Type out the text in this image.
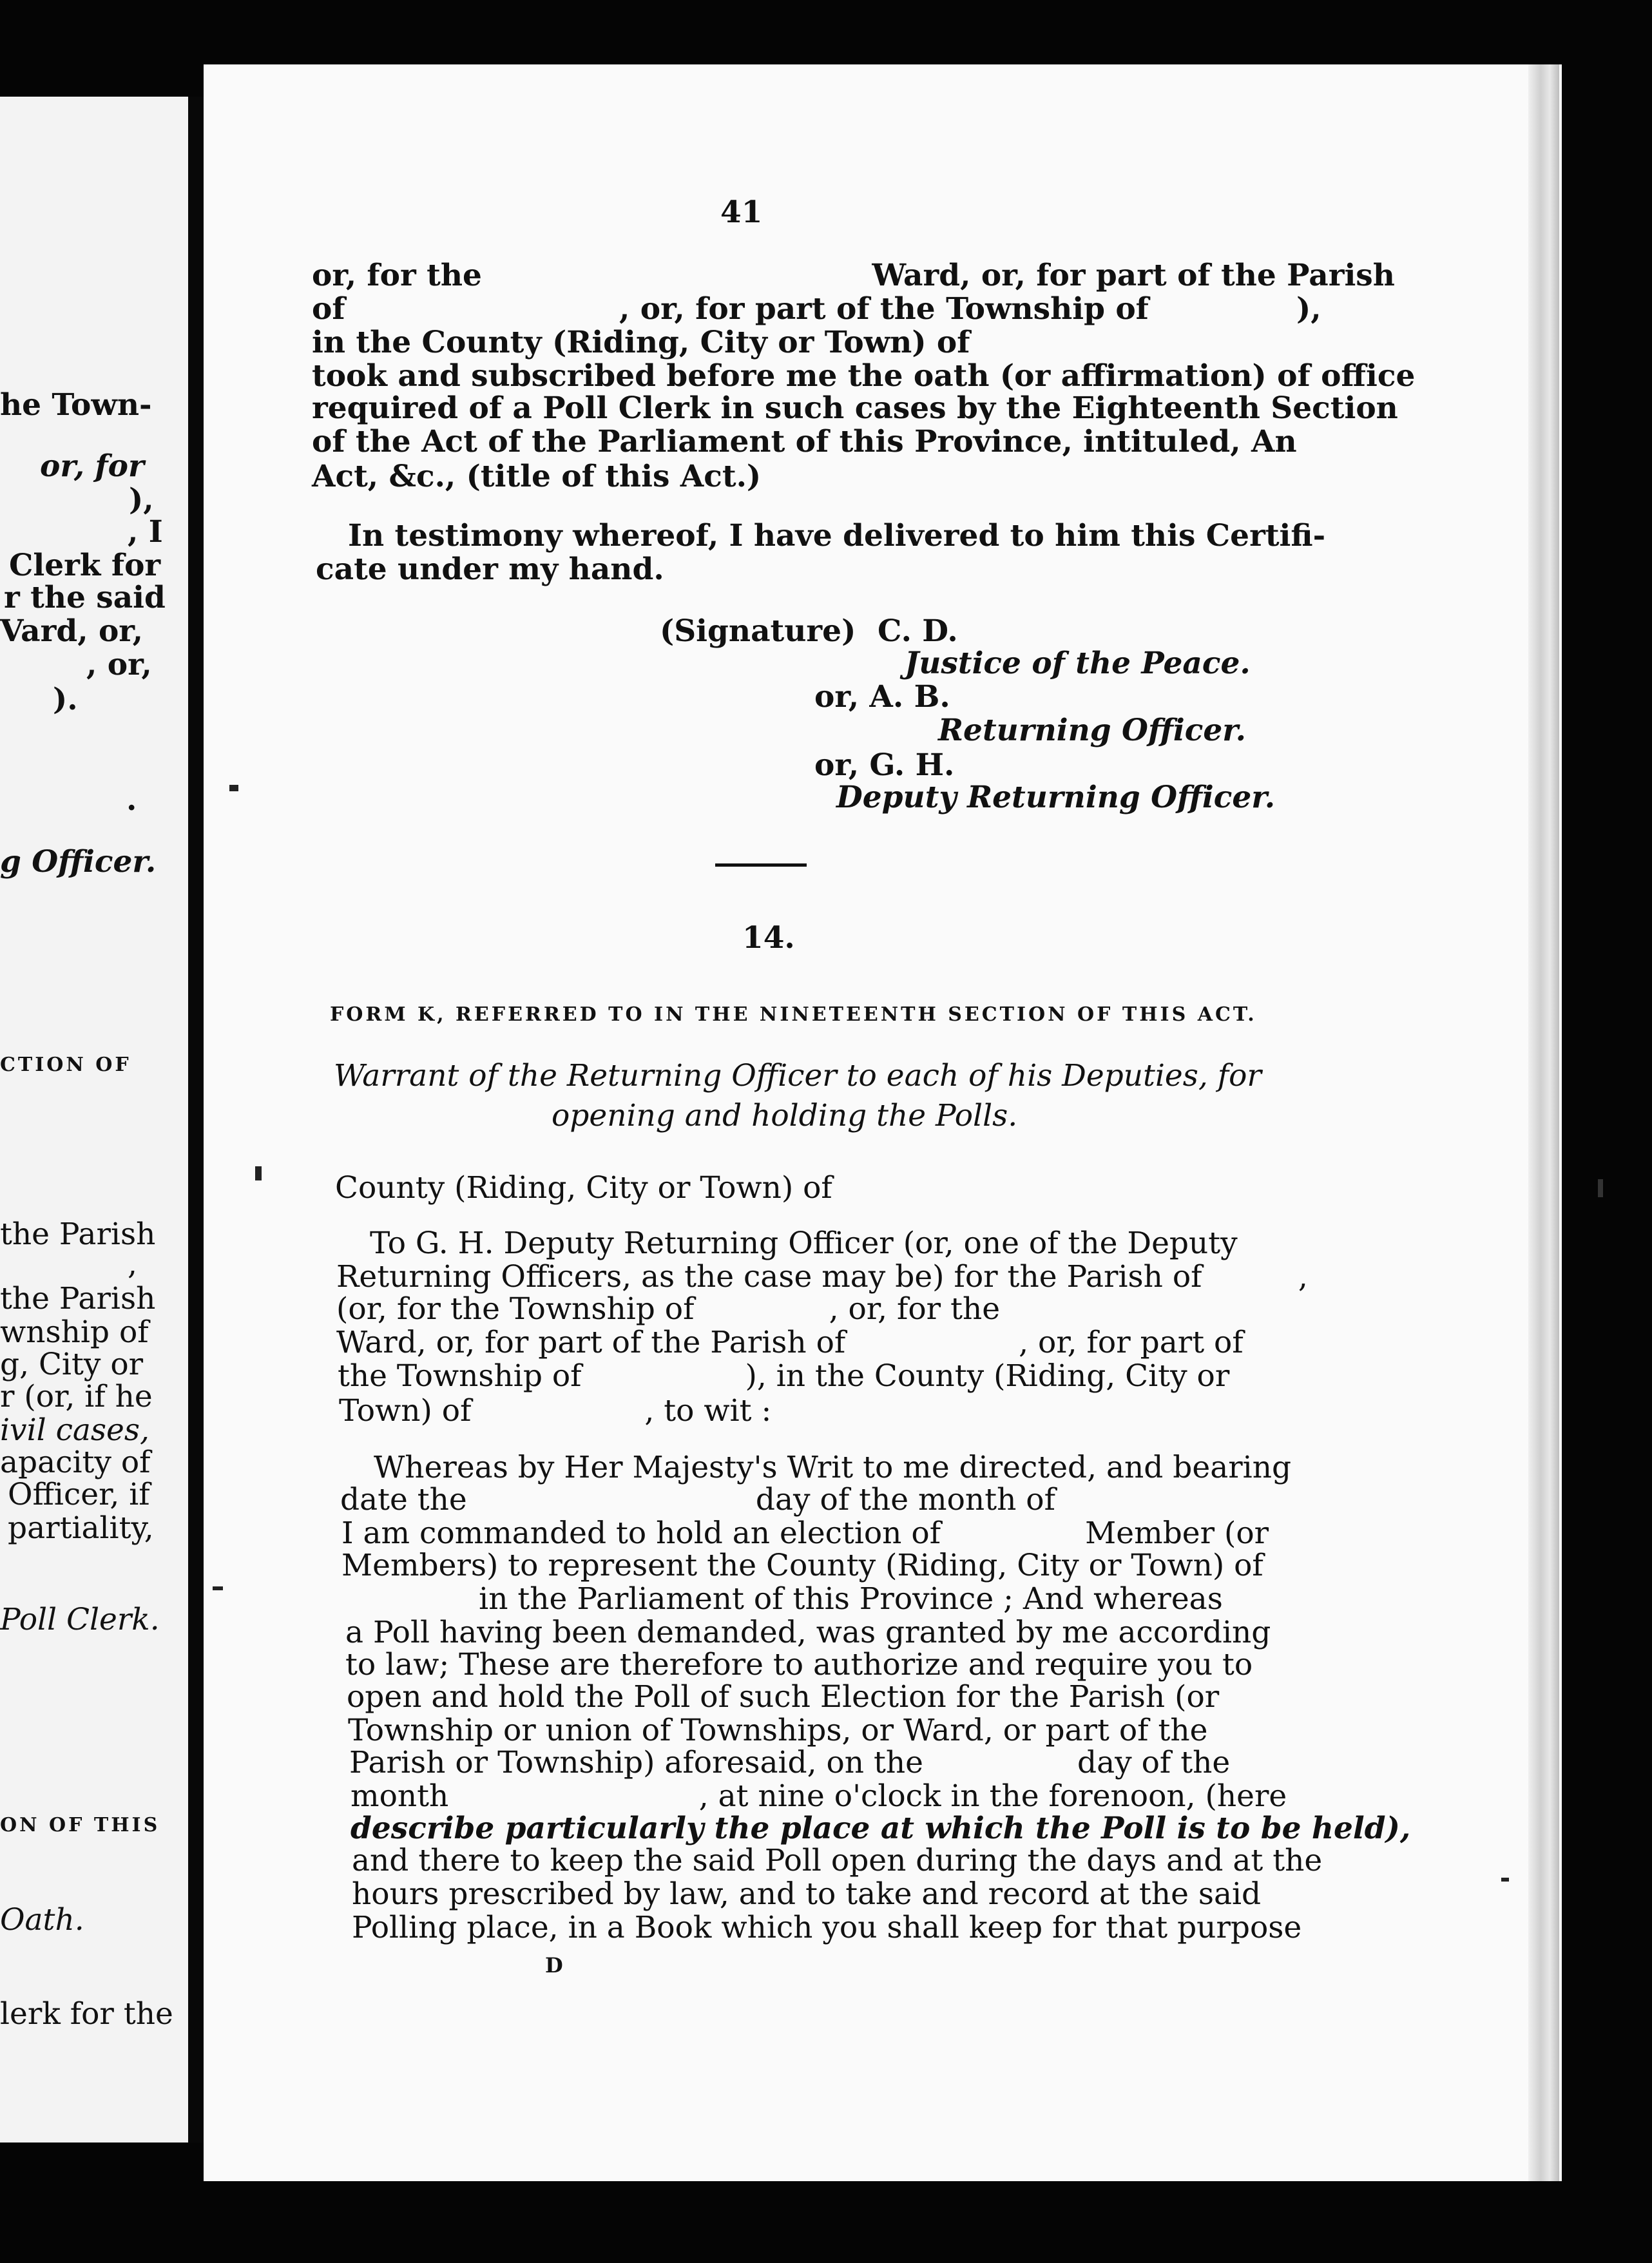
he Town-
or, for
),
, I
Clerk for
r the said
Vard, or,
, or,
).
.
g Officer.
CTION OF
the Parish
,
the Parish
wnship of
g, City or
r (or, if he
ivil cases,
apacity of
Officer, if
partiality,
Poll Clerk.
ON OF THIS
Oath.
lerk for the
41
or, for the                                     Ward, or, for part of the Parish
of                          , or, for part of the Township of              ),
in the County (Riding, City or Town) of
took and subscribed before me the oath (or affirmation) of office
required of a Poll Clerk in such cases by the Eighteenth Section
of the Act of the Parliament of this Province, intituled, An
Act, &c., (title of this Act.)
In testimony whereof, I have delivered to him this Certifi-
cate under my hand.
(Signature) C. D.
Justice of the Peace.
or, A. B.
Returning Officer.
or, G. H.
Deputy Returning Officer.
14.
FORM K, REFERRED TO IN THE NINETEENTH SECTION OF THIS ACT.
Warrant of the Returning Officer to each of his Deputies, for
opening and holding the Polls.
County (Riding, City or Town) of
To G. H. Deputy Returning Officer (or, one of the Deputy
Returning Officers, as the case may be) for the Parish of          ,
(or, for the Township of              , or, for the
Ward, or, for part of the Parish of                  , or, for part of
the Township of                 ), in the County (Riding, City or
Town) of                  , to wit :
Whereas by Her Majesty's Writ to me directed, and bearing
date the                              day of the month of
I am commanded to hold an election of               Member (or
Members) to represent the County (Riding, City or Town) of
in the Parliament of this Province ; And whereas
a Poll having been demanded, was granted by me according
to law; These are therefore to authorize and require you to
open and hold the Poll of such Election for the Parish (or
Township or union of Townships, or Ward, or part of the
Parish or Township) aforesaid, on the                day of the
month                          , at nine o'clock in the forenoon, (here
describe particularly the place at which the Poll is to be held),
and there to keep the said Poll open during the days and at the
hours prescribed by law, and to take and record at the said
Polling place, in a Book which you shall keep for that purpose
D
